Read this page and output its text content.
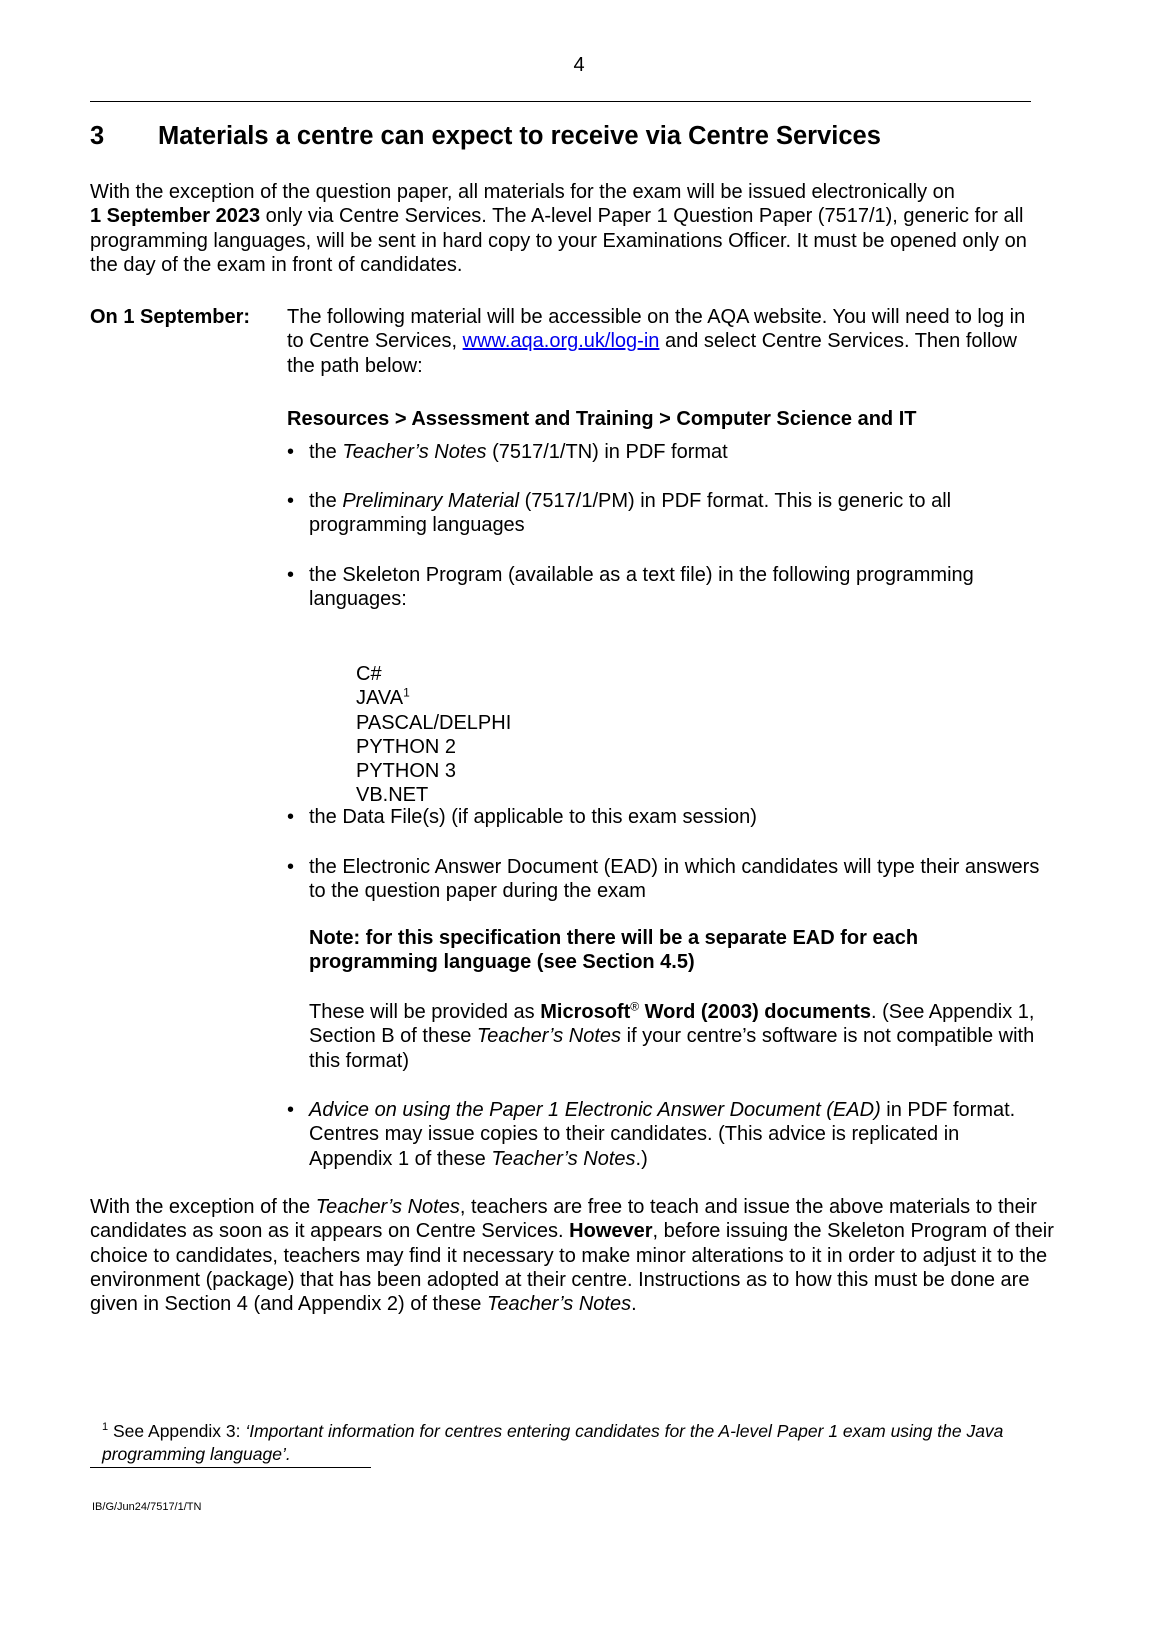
4
3 Materials a centre can expect to receive via Centre Services
With the exception of the question paper, all materials for the exam will be issued electronically on
1 September 2023 only via Centre Services. The A-level Paper 1 Question Paper (7517/1), generic for all programming languages, will be sent in hard copy to your Examinations Officer. It must be opened only on the day of the exam in front of candidates.
On 1 September: The following material will be accessible on the AQA website. You will need to log in to Centre Services, www.aqa.org.uk/log-in and select Centre Services. Then follow the path below:
Resources > Assessment and Training > Computer Science and IT
• the Teacher’s Notes (7517/1/TN) in PDF format
• the Preliminary Material (7517/1/PM) in PDF format. This is generic to all programming languages
• the Skeleton Program (available as a text file) in the following programming languages:
C#
JAVA$^1$
PASCAL/DELPHI
PYTHON 2
PYTHON 3
VB.NET
• the Data File(s) (if applicable to this exam session)
• the Electronic Answer Document (EAD) in which candidates will type their answers to the question paper during the exam
Note: for this specification there will be a separate EAD for each programming language (see Section 4.5)
These will be provided as Microsoft® Word (2003) documents. (See Appendix 1, Section B of these Teacher’s Notes if your centre’s software is not compatible with this format)
• Advice on using the Paper 1 Electronic Answer Document (EAD) in PDF format. Centres may issue copies to their candidates. (This advice is replicated in Appendix 1 of these Teacher’s Notes.)
With the exception of the Teacher’s Notes, teachers are free to teach and issue the above materials to their candidates as soon as it appears on Centre Services. However, before issuing the Skeleton Program of their choice to candidates, teachers may find it necessary to make minor alterations to it in order to adjust it to the environment (package) that has been adopted at their centre. Instructions as to how this must be done are given in Section 4 (and Appendix 2) of these Teacher’s Notes.
$^1$ See Appendix 3: ‘Important information for centres entering candidates for the A-level Paper 1 exam using the Java programming language’.
IB/G/Jun24/7517/1/TN
